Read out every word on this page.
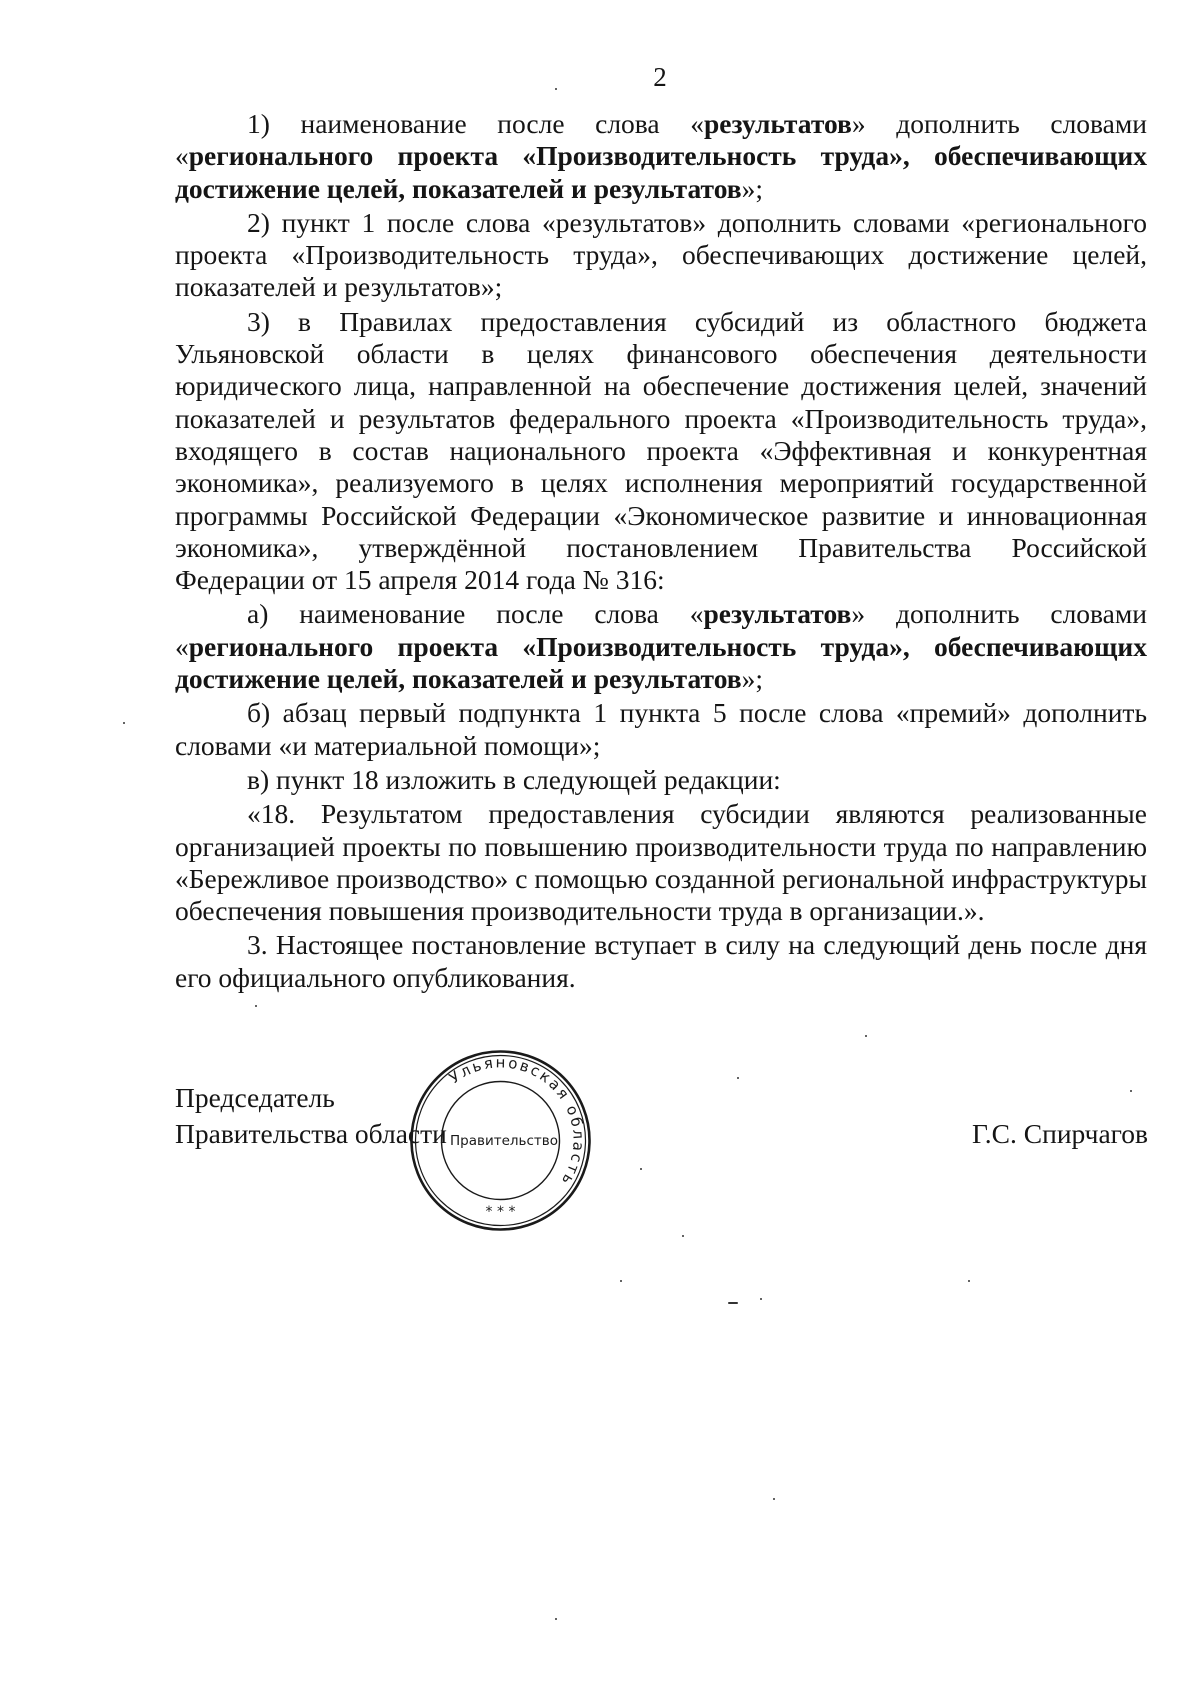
2

1) наименование после слова «результатов» дополнить словами «регионального проекта «Производительность труда», обеспечивающих достижение целей, показателей и результатов»;

2) пункт 1 после слова «результатов» дополнить словами «регионального проекта «Производительность труда», обеспечивающих достижение целей, показателей и результатов»;

3) в Правилах предоставления субсидий из областного бюджета Ульяновской области в целях финансового обеспечения деятельности юридического лица, направленной на обеспечение достижения целей, значений показателей и результатов федерального проекта «Производительность труда», входящего в состав национального проекта «Эффективная и конкурентная экономика», реализуемого в целях исполнения мероприятий государственной программы Российской Федерации «Экономическое развитие и инновационная экономика», утверждённой постановлением Правительства Российской Федерации от 15 апреля 2014 года № 316:

а) наименование после слова «результатов» дополнить словами «регионального проекта «Производительность труда», обеспечивающих достижение целей, показателей и результатов»;

б) абзац первый подпункта 1 пункта 5 после слова «премий» дополнить словами «и материальной помощи»;

в) пункт 18 изложить в следующей редакции:

«18. Результатом предоставления субсидии являются реализованные организацией проекты по повышению производительности труда по направлению «Бережливое производство» с помощью созданной региональной инфраструктуры обеспечения повышения производительности труда в организации.».

3. Настоящее постановление вступает в силу на следующий день после дня его официального опубликования.

Председатель
Правительства области	Г.С. Спирчагов
Ульяновская область
Правительство
* * *
